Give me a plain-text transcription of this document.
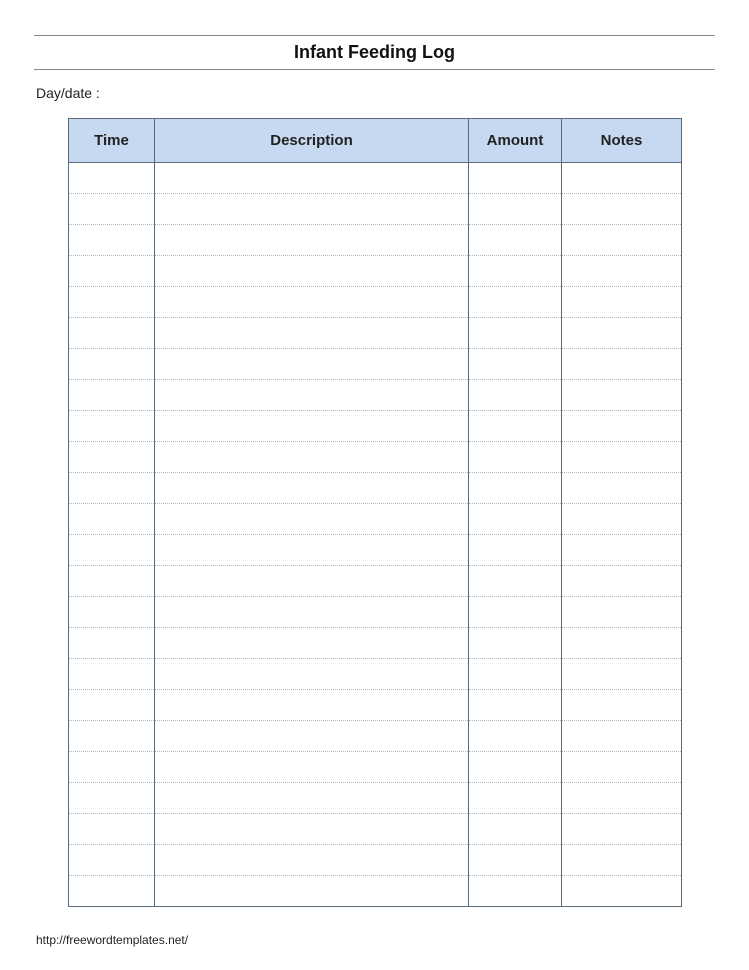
Infant Feeding Log
Day/date :
Time	Description	Amount	Notes

http://freewordtemplates.net/
